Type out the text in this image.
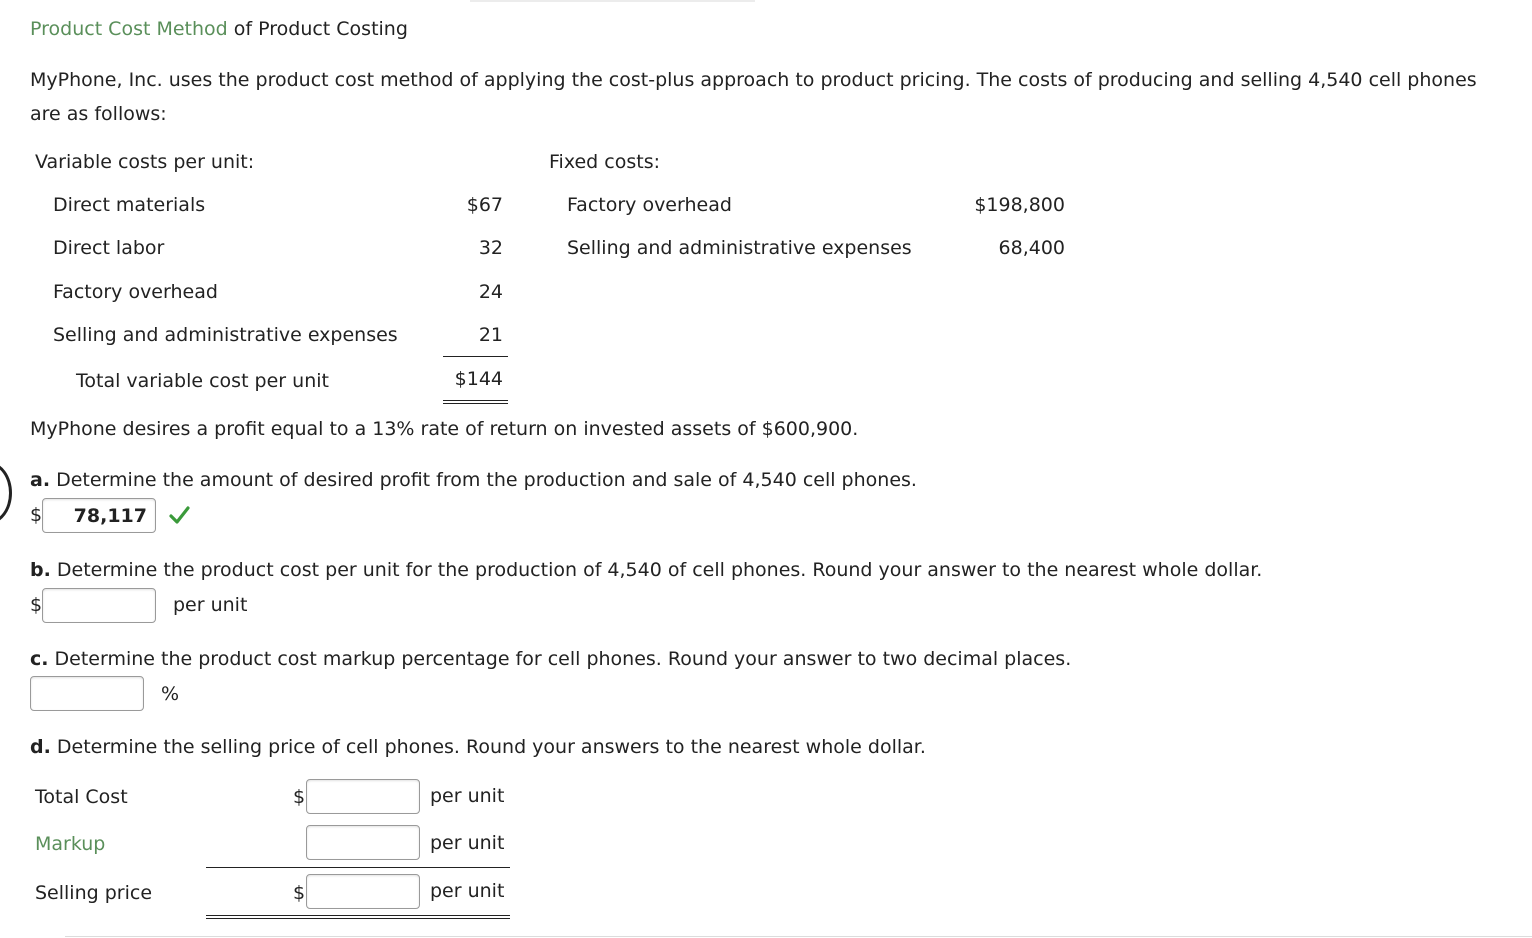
Product Cost Method of Product Costing
MyPhone, Inc. uses the product cost method of applying the cost-plus approach to product pricing. The costs of producing and selling 4,540 cell phones
are as follows:
Variable costs per unit:
Direct materials	$67
Direct labor	32
Factory overhead	24
Selling and administrative expenses	21
Total variable cost per unit	$144
Fixed costs:
Factory overhead	$198,800
Selling and administrative expenses	68,400
MyPhone desires a profit equal to a 13% rate of return on invested assets of $600,900.
a. Determine the amount of desired profit from the production and sale of 4,540 cell phones.
$
78,117
b. Determine the product cost per unit for the production of 4,540 of cell phones. Round your answer to the nearest whole dollar.
$	per unit
c. Determine the product cost markup percentage for cell phones. Round your answer to two decimal places.
%
d. Determine the selling price of cell phones. Round your answers to the nearest whole dollar.
Total Cost	$	per unit
Markup	per unit
Selling price	$	per unit
